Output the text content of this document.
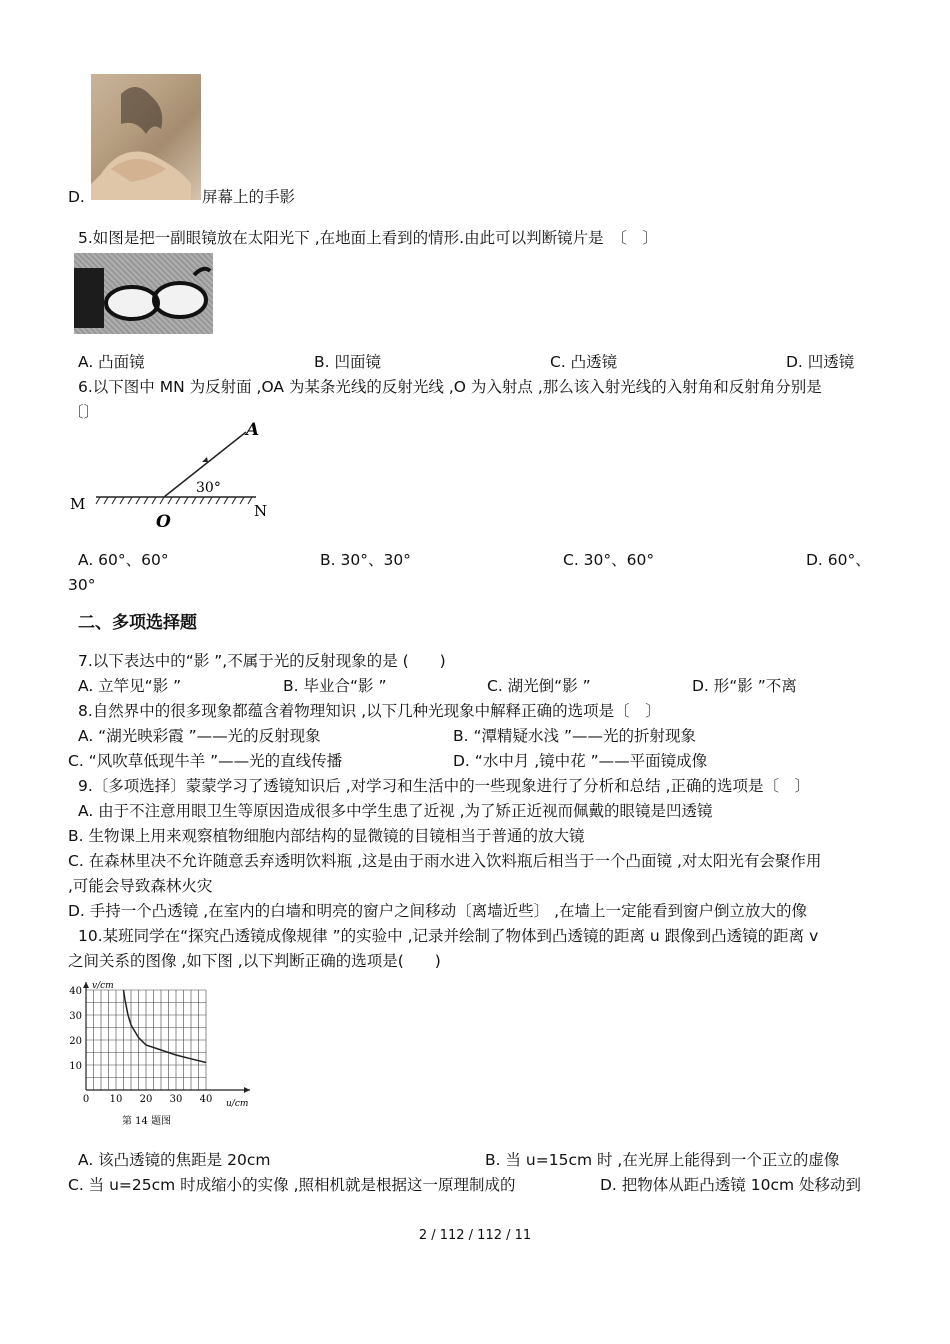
D.	屏幕上的手影
5.如图是把一副眼镜放在太阳光下 ,在地面上看到的情形.由此可以判断镜片是　〔　〕
A. 凸面镜	B. 凹面镜	C. 凸透镜	D. 凹透镜
6.以下图中 MN 为反射面 ,OA 为某条光线的反射光线 ,O 为入射点 ,那么该入射光线的入射角和反射角分别是
〔〕
A
M
O
N
30°
A. 60°、60°	B. 30°、30°	C. 30°、60°	D. 60°、
30°
二、多项选择题
7.以下表达中的“影 ”,不属于光的反射现象的是 (　　)
A. 立竿见“影 ”	B. 毕业合“影 ”	C. 湖光倒“影 ”	D. 形“影 ”不离
8.自然界中的很多现象都蕴含着物理知识 ,以下几种光现象中解释正确的选项是〔　〕
A. “湖光映彩霞 ”——光的反射现象	B. “潭精疑水浅 ”——光的折射现象
C. “风吹草低现牛羊 ”——光的直线传播	D. “水中月 ,镜中花 ”——平面镜成像
9.〔多项选择〕蒙蒙学习了透镜知识后 ,对学习和生活中的一些现象进行了分析和总结 ,正确的选项是〔　〕
A. 由于不注意用眼卫生等原因造成很多中学生患了近视 ,为了矫正近视而佩戴的眼镜是凹透镜
B. 生物课上用来观察植物细胞内部结构的显微镜的目镜相当于普通的放大镜
C. 在森林里决不允许随意丢弃透明饮料瓶 ,这是由于雨水进入饮料瓶后相当于一个凸面镜 ,对太阳光有会聚作用
,可能会导致森林火灾
D. 手持一个凸透镜 ,在室内的白墙和明亮的窗户之间移动〔离墙近些〕 ,在墙上一定能看到窗户倒立放大的像
10.某班同学在“探究凸透镜成像规律 ”的实验中 ,记录并绘制了物体到凸透镜的距离 u 跟像到凸透镜的距离 v
之间关系的图像 ,如下图 ,以下判断正确的选项是(　　)
0 10 20 30 40
10
20
30
40 v/cm
u/cm
第 14 题图
A. 该凸透镜的焦距是 20cm	B. 当 u=15cm 时 ,在光屏上能得到一个正立的虚像
C. 当 u=25cm 时成缩小的实像 ,照相机就是根据这一原理制成的	D. 把物体从距凸透镜 10cm 处移动到
2 / 112 / 112 / 11
